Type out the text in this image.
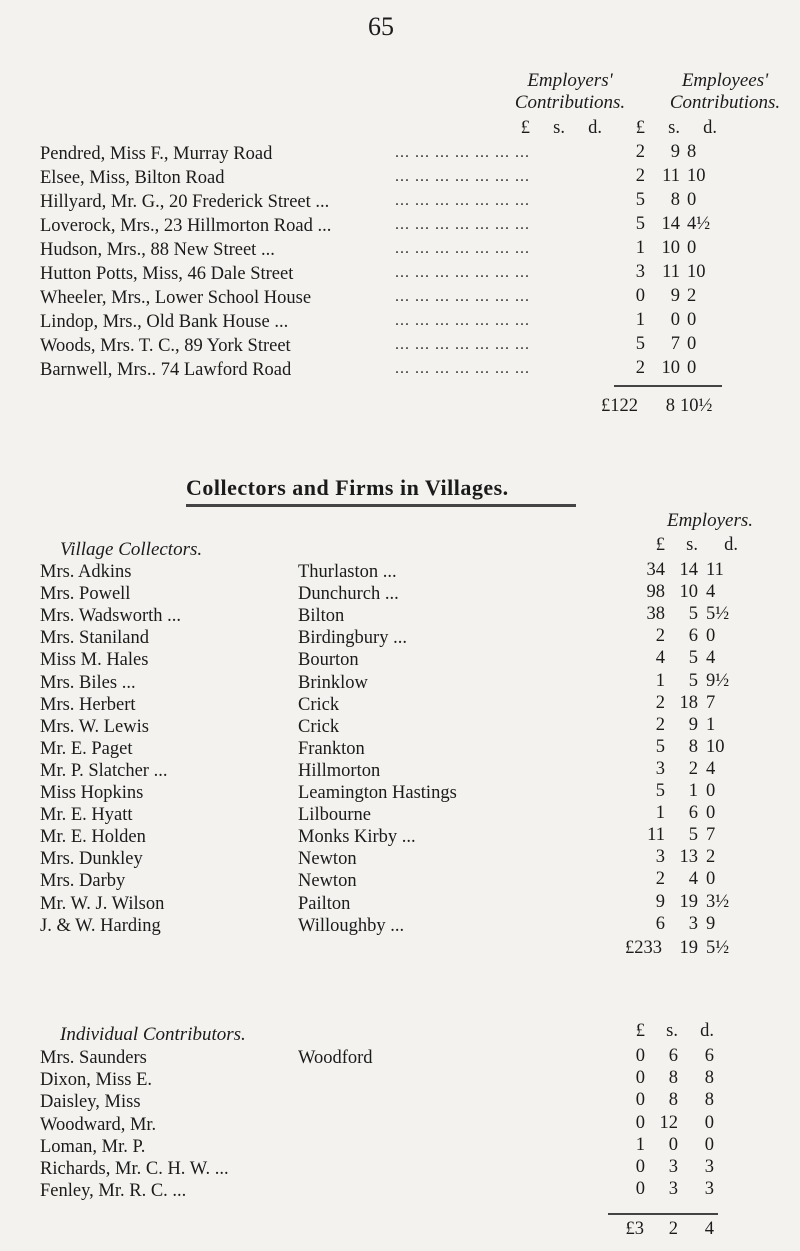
65
Employers'
Contributions.
Employees'
Contributions.
£	s.	d.	£	s.	d.
Pendred, Miss F., Murray Road	... ... ... ... ... ... ...	2	9 8
Elsee, Miss, Bilton Road	... ... ... ... ... ... ...	2 11 10
Hillyard, Mr. G., 20 Frederick Street ...	... ... ... ... ... ... ...	5	8 0
Loverock, Mrs., 23 Hillmorton Road ...	... ... ... ... ... ... ...	5 14 4½
Hudson, Mrs., 88 New Street ...	... ... ... ... ... ... ...	1 10 0
Hutton Potts, Miss, 46 Dale Street	... ... ... ... ... ... ...	3 11 10
Wheeler, Mrs., Lower School House	... ... ... ... ... ... ...	0	9 2
Lindop, Mrs., Old Bank House ...	... ... ... ... ... ... ...	1	0 0
Woods, Mrs. T. C., 89 York Street	... ... ... ... ... ... ...	5	7 0
Barnwell, Mrs.. 74 Lawford Road	... ... ... ... ... ... ...	2 10 0
£122	8 10½
Collectors and Firms in Villages.
Employers.
Village Collectors.	£	s.	d.
Mrs. Adkins	Thurlaston ...	34 14 11
Mrs. Powell	Dunchurch ...	98 10 4
Mrs. Wadsworth ...	Bilton	38	5 5½
Mrs. Staniland	Birdingbury ...	2	6 0
Miss M. Hales	Bourton	4	5 4
Mrs. Biles ...	Brinklow	1	5 9½
Mrs. Herbert	Crick	2 18 7
Mrs. W. Lewis	Crick	2	9 1
Mr. E. Paget	Frankton	5	8 10
Mr. P. Slatcher ...	Hillmorton	3	2 4
Miss Hopkins	Leamington Hastings	5	1 0
Mr. E. Hyatt	Lilbourne	1	6 0
Mr. E. Holden	Monks Kirby ...	11	5 7
Mrs. Dunkley	Newton	3 13 2
Mrs. Darby	Newton	2	4 0
Mr. W. J. Wilson	Pailton	9 19 3½
J. & W. Harding	Willoughby ...	6	3 9
£233 19 5½
Individual Contributors.	£	s.	d.
Mrs. Saunders	Woodford	0	6	6
Dixon, Miss E.	0	8	8
Daisley, Miss	0	8	8
Woodward, Mr.	0 12	0
Loman, Mr. P.	1	0	0
Richards, Mr. C. H. W. ...	0	3	3
Fenley, Mr. R. C. ...	0	3	3
£3	2	4
